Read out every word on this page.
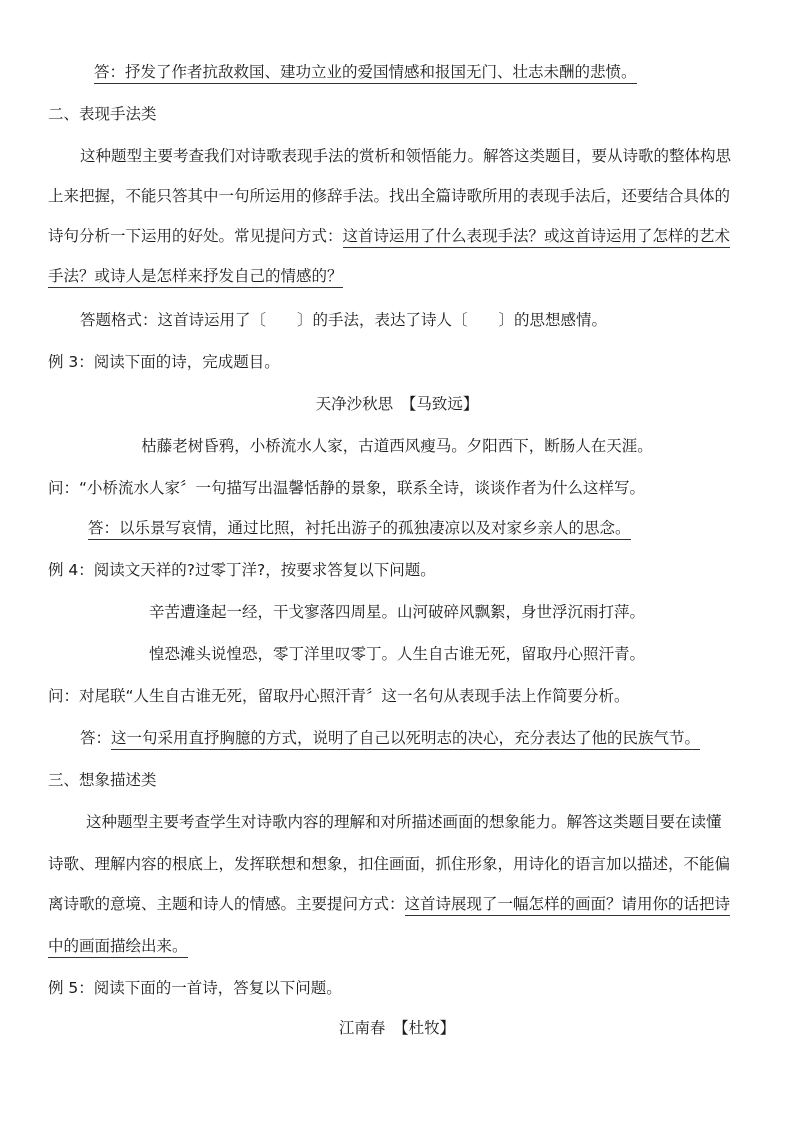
答：抒发了作者抗敌救国、建功立业的爱国情感和报国无门、壮志未酬的悲愤。
二、表现手法类
这种题型主要考查我们对诗歌表现手法的赏析和领悟能力。解答这类题目，要从诗歌的整体构思
上来把握，不能只答其中一句所运用的修辞手法。找出全篇诗歌所用的表现手法后，还要结合具体的
诗句分析一下运用的好处。常见提问方式：这首诗运用了什么表现手法？或这首诗运用了怎样的艺术
手法？或诗人是怎样来抒发自己的情感的？
答题格式：这首诗运用了〔　　〕的手法，表达了诗人〔　　〕的思想感情。
例 3：阅读下面的诗，完成题目。
天净沙秋思　【马致远】
枯藤老树昏鸦，小桥流水人家，古道西风瘦马。夕阳西下，断肠人在天涯。
问：“小桥流水人家〞一句描写出温馨恬静的景象，联系全诗，谈谈作者为什么这样写。
答：以乐景写哀情，通过比照，衬托出游子的孤独凄凉以及对家乡亲人的思念。
例 4：阅读文天祥的?过零丁洋?，按要求答复以下问题。
辛苦遭逢起一经，干戈寥落四周星。山河破碎风飘絮，身世浮沉雨打萍。
惶恐滩头说惶恐，零丁洋里叹零丁。人生自古谁无死，留取丹心照汗青。
问：对尾联“人生自古谁无死，留取丹心照汗青〞这一名句从表现手法上作简要分析。
答：这一句采用直抒胸臆的方式，说明了自己以死明志的决心，充分表达了他的民族气节。
三、想象描述类
这种题型主要考查学生对诗歌内容的理解和对所描述画面的想象能力。解答这类题目要在读懂
诗歌、理解内容的根底上，发挥联想和想象，扣住画面，抓住形象，用诗化的语言加以描述，不能偏
离诗歌的意境、主题和诗人的情感。主要提问方式：这首诗展现了一幅怎样的画面？请用你的话把诗
中的画面描绘出来。
例 5：阅读下面的一首诗，答复以下问题。
江南春　【杜牧】
